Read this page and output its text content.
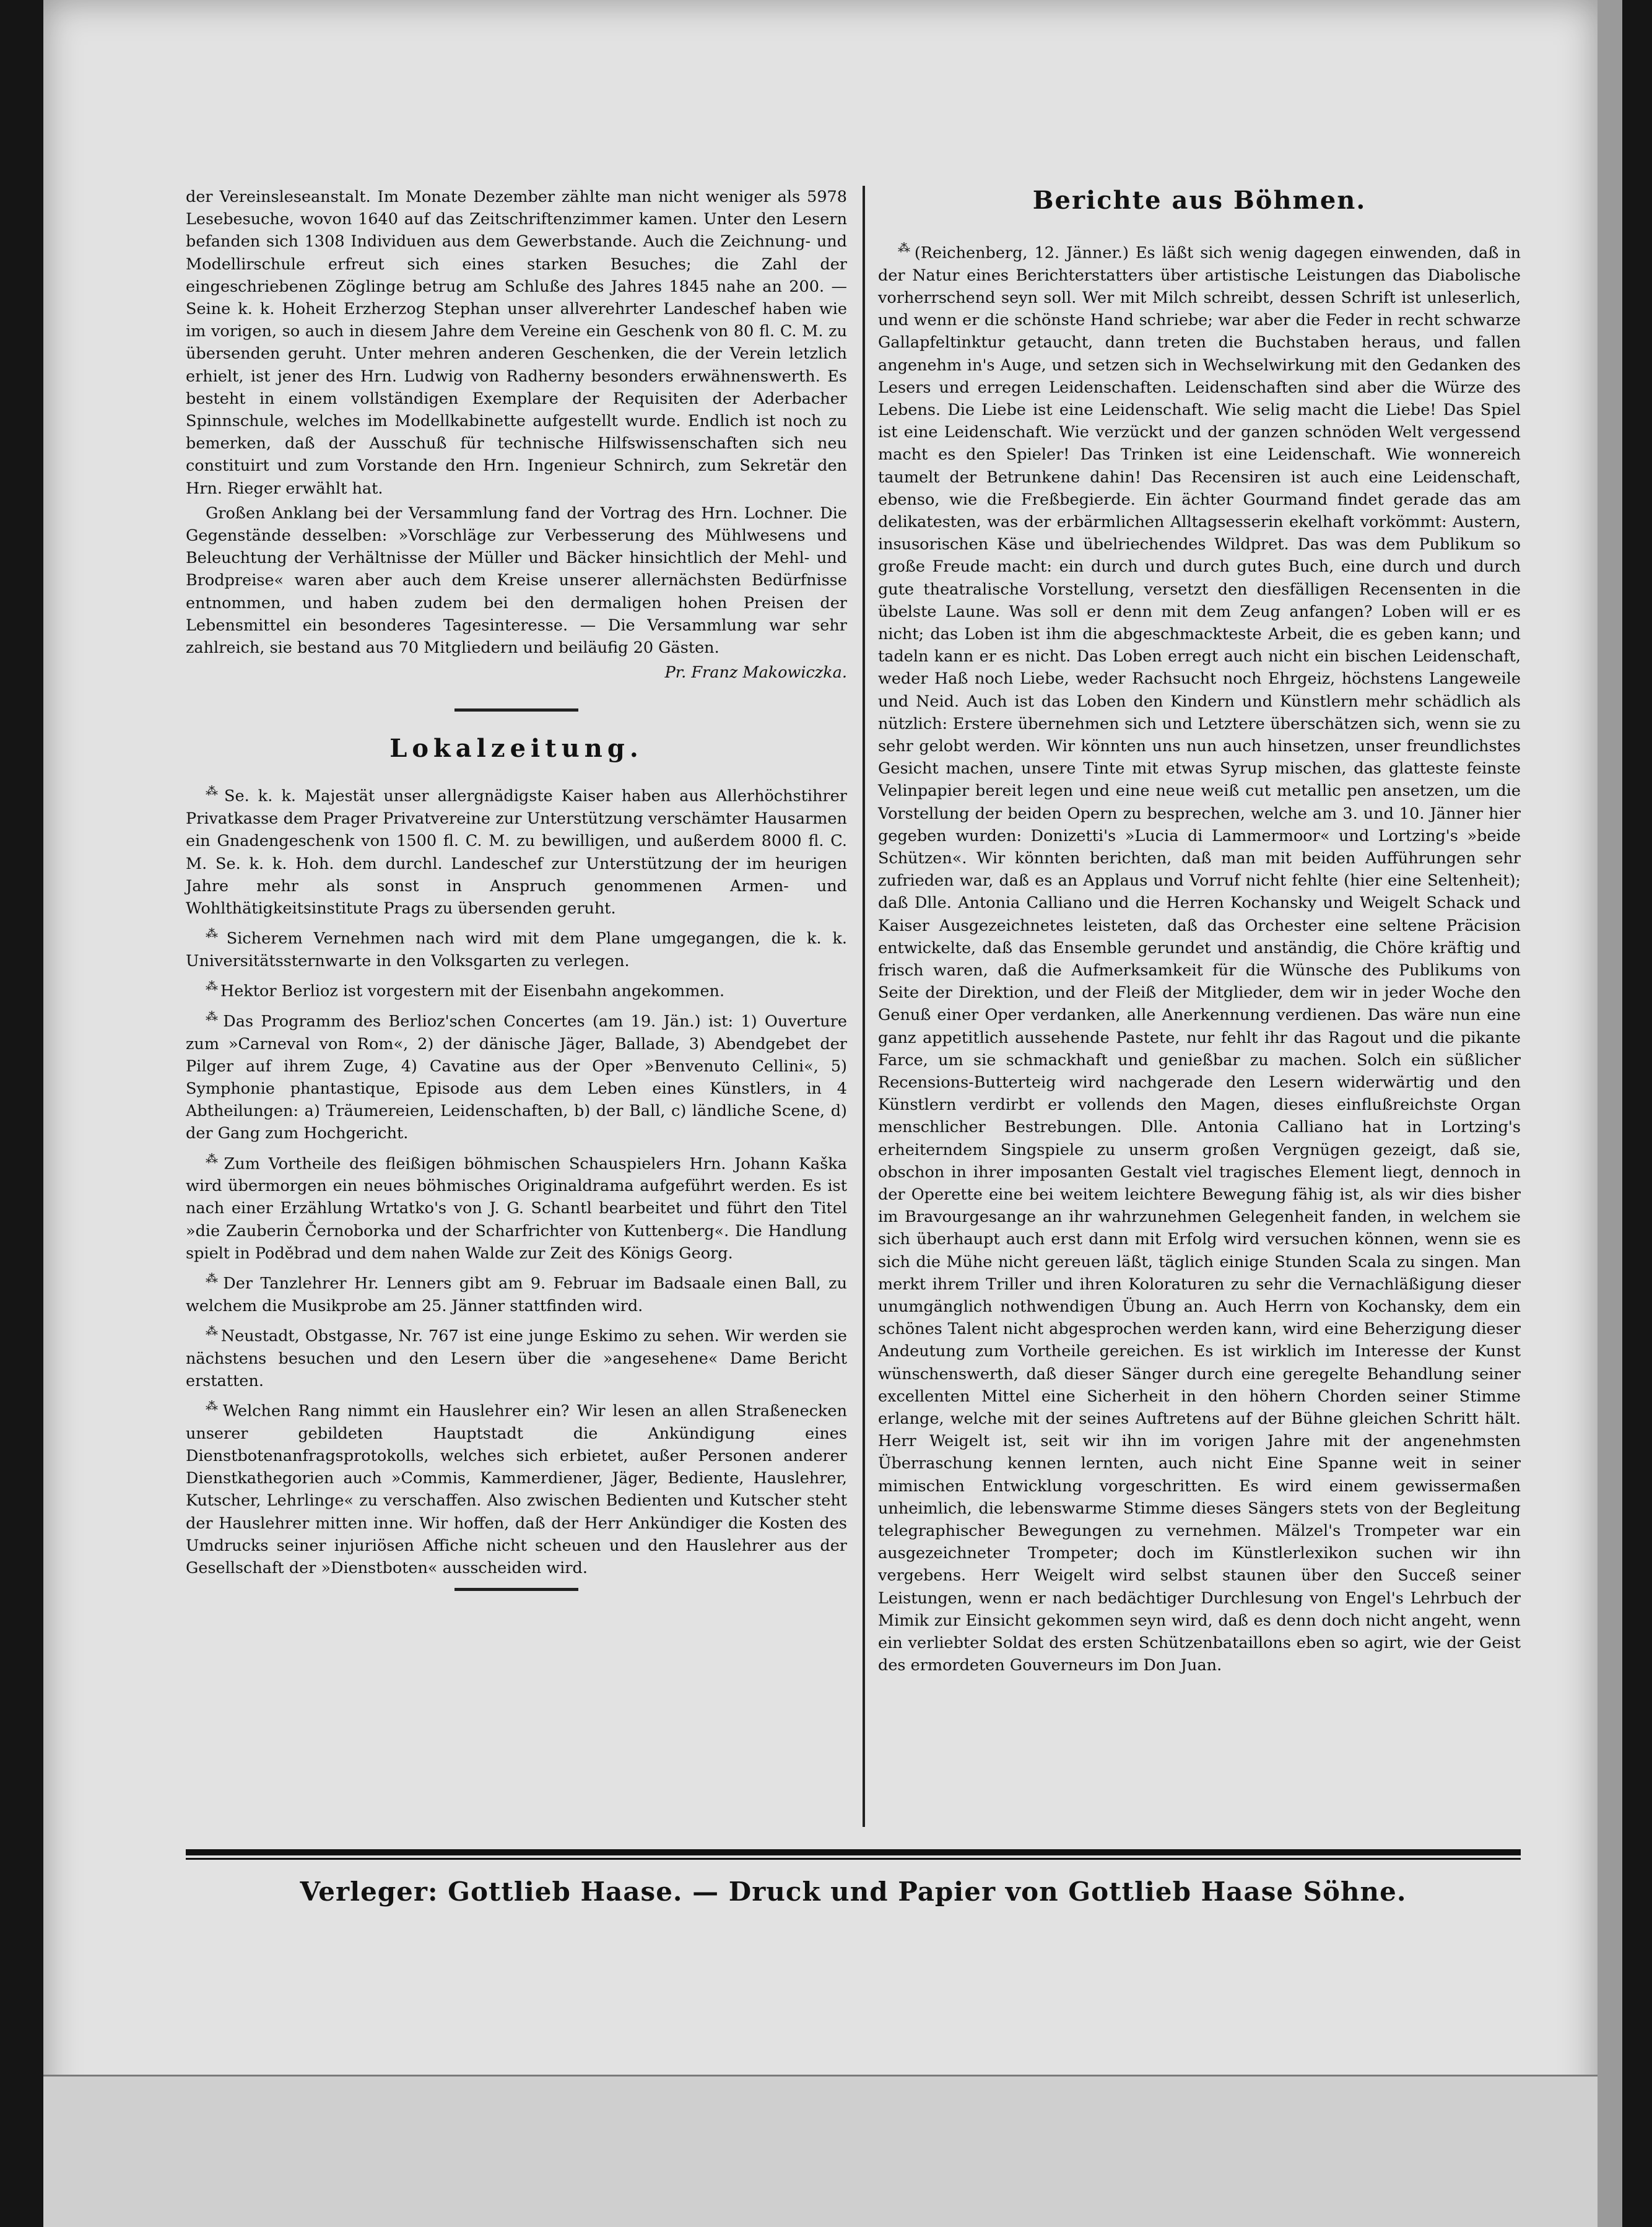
der Vereinsleseanstalt. Im Monate Dezember zählte man nicht weniger als 5978 Lesebesuche, wovon 1640 auf das Zeitschriftenzimmer kamen. Unter den Lesern befanden sich 1308 Individuen aus dem Gewerbstande. Auch die Zeichnung- und Modellirschule erfreut sich eines starken Besuches; die Zahl der eingeschriebenen Zöglinge betrug am Schluße des Jahres 1845 nahe an 200. — Seine k. k. Hoheit Erzherzog Stephan unser allverehrter Landeschef haben wie im vorigen, so auch in diesem Jahre dem Vereine ein Geschenk von 80 fl. C. M. zu übersenden geruht. Unter mehren anderen Geschenken, die der Verein letzlich erhielt, ist jener des Hrn. Ludwig von Radherny besonders erwähnenswerth. Es besteht in einem vollständigen Exemplare der Requisiten der Aderbacher Spinnschule, welches im Modellkabinette aufgestellt wurde. Endlich ist noch zu bemerken, daß der Ausschuß für technische Hilfswissenschaften sich neu constituirt und zum Vorstande den Hrn. Ingenieur Schnirch, zum Sekretär den Hrn. Rieger erwählt hat.

Großen Anklang bei der Versammlung fand der Vortrag des Hrn. Lochner. Die Gegenstände desselben: »Vorschläge zur Verbesserung des Mühlwesens und Beleuchtung der Verhältnisse der Müller und Bäcker hinsichtlich der Mehl- und Brodpreise« waren aber auch dem Kreise unserer allernächsten Bedürfnisse entnommen, und haben zudem bei den dermaligen hohen Preisen der Lebensmittel ein besonderes Tagesinteresse. — Die Versammlung war sehr zahlreich, sie bestand aus 70 Mitgliedern und beiläufig 20 Gästen.

Pr. Franz Makowiczka.
Lokalzeitung.

⁂ Se. k. k. Majestät unser allergnädigste Kaiser haben aus Allerhöchstihrer Privatkasse dem Prager Privatvereine zur Unterstützung verschämter Hausarmen ein Gnadengeschenk von 1500 fl. C. M. zu bewilligen, und außerdem 8000 fl. C. M. Se. k. k. Hoh. dem durchl. Landeschef zur Unterstützung der im heurigen Jahre mehr als sonst in Anspruch genommenen Armen- und Wohlthätigkeitsinstitute Prags zu übersenden geruht.

⁂ Sicherem Vernehmen nach wird mit dem Plane umgegangen, die k. k. Universitätssternwarte in den Volksgarten zu verlegen.

⁂ Hektor Berlioz ist vorgestern mit der Eisenbahn angekommen.

⁂ Das Programm des Berlioz'schen Concertes (am 19. Jän.) ist: 1) Ouverture zum »Carneval von Rom«, 2) der dänische Jäger, Ballade, 3) Abendgebet der Pilger auf ihrem Zuge, 4) Cavatine aus der Oper »Benvenuto Cellini«, 5) Symphonie phantastique, Episode aus dem Leben eines Künstlers, in 4 Abtheilungen: a) Träumereien, Leidenschaften, b) der Ball, c) ländliche Scene, d) der Gang zum Hochgericht.

⁂ Zum Vortheile des fleißigen böhmischen Schauspielers Hrn. Johann Kaška wird übermorgen ein neues böhmisches Originaldrama aufgeführt werden. Es ist nach einer Erzählung Wrtatko's von J. G. Schantl bearbeitet und führt den Titel »die Zauberin Černoborka und der Scharfrichter von Kuttenberg«. Die Handlung spielt in Poděbrad und dem nahen Walde zur Zeit des Königs Georg.

⁂ Der Tanzlehrer Hr. Lenners gibt am 9. Februar im Badsaale einen Ball, zu welchem die Musikprobe am 25. Jänner stattfinden wird.

⁂ Neustadt, Obstgasse, Nr. 767 ist eine junge Eskimo zu sehen. Wir werden sie nächstens besuchen und den Lesern über die »angesehene« Dame Bericht erstatten.

⁂ Welchen Rang nimmt ein Hauslehrer ein? Wir lesen an allen Straßenecken unserer gebildeten Hauptstadt die Ankündigung eines Dienstbotenanfragsprotokolls, welches sich erbietet, außer Personen anderer Dienstkathegorien auch »Commis, Kammerdiener, Jäger, Bediente, Hauslehrer, Kutscher, Lehrlinge« zu verschaffen. Also zwischen Bedienten und Kutscher steht der Hauslehrer mitten inne. Wir hoffen, daß der Herr Ankündiger die Kosten des Umdrucks seiner injuriösen Affiche nicht scheuen und den Hauslehrer aus der Gesellschaft der »Dienstboten« ausscheiden wird.

Berichte aus Böhmen.

⁂ (Reichenberg, 12. Jänner.) Es läßt sich wenig dagegen einwenden, daß in der Natur eines Berichterstatters über artistische Leistungen das Diabolische vorherrschend seyn soll. Wer mit Milch schreibt, dessen Schrift ist unleserlich, und wenn er die schönste Hand schriebe; war aber die Feder in recht schwarze Gallapfeltinktur getaucht, dann treten die Buchstaben heraus, und fallen angenehm in's Auge, und setzen sich in Wechselwirkung mit den Gedanken des Lesers und erregen Leidenschaften. Leidenschaften sind aber die Würze des Lebens. Die Liebe ist eine Leidenschaft. Wie selig macht die Liebe! Das Spiel ist eine Leidenschaft. Wie verzückt und der ganzen schnöden Welt vergessend macht es den Spieler! Das Trinken ist eine Leidenschaft. Wie wonnereich taumelt der Betrunkene dahin! Das Recensiren ist auch eine Leidenschaft, ebenso, wie die Freßbegierde. Ein ächter Gourmand findet gerade das am delikatesten, was der erbärmlichen Alltagsesserin ekelhaft vorkömmt: Austern, insusorischen Käse und übelriechendes Wildpret. Das was dem Publikum so große Freude macht: ein durch und durch gutes Buch, eine durch und durch gute theatralische Vorstellung, versetzt den diesfälligen Recensenten in die übelste Laune. Was soll er denn mit dem Zeug anfangen? Loben will er es nicht; das Loben ist ihm die abgeschmackteste Arbeit, die es geben kann; und tadeln kann er es nicht. Das Loben erregt auch nicht ein bischen Leidenschaft, weder Haß noch Liebe, weder Rachsucht noch Ehrgeiz, höchstens Langeweile und Neid. Auch ist das Loben den Kindern und Künstlern mehr schädlich als nützlich: Erstere übernehmen sich und Letztere überschätzen sich, wenn sie zu sehr gelobt werden. Wir könnten uns nun auch hinsetzen, unser freundlichstes Gesicht machen, unsere Tinte mit etwas Syrup mischen, das glatteste feinste Velinpapier bereit legen und eine neue weiß cut metallic pen ansetzen, um die Vorstellung der beiden Opern zu besprechen, welche am 3. und 10. Jänner hier gegeben wurden: Donizetti's »Lucia di Lammermoor« und Lortzing's »beide Schützen«. Wir könnten berichten, daß man mit beiden Aufführungen sehr zufrieden war, daß es an Applaus und Vorruf nicht fehlte (hier eine Seltenheit); daß Dlle. Antonia Calliano und die Herren Kochansky und Weigelt Schack und Kaiser Ausgezeichnetes leisteten, daß das Orchester eine seltene Präcision entwickelte, daß das Ensemble gerundet und anständig, die Chöre kräftig und frisch waren, daß die Aufmerksamkeit für die Wünsche des Publikums von Seite der Direktion, und der Fleiß der Mitglieder, dem wir in jeder Woche den Genuß einer Oper verdanken, alle Anerkennung verdienen. Das wäre nun eine ganz appetitlich aussehende Pastete, nur fehlt ihr das Ragout und die pikante Farce, um sie schmackhaft und genießbar zu machen. Solch ein süßlicher Recensions-Butterteig wird nachgerade den Lesern widerwärtig und den Künstlern verdirbt er vollends den Magen, dieses einflußreichste Organ menschlicher Bestrebungen. Dlle. Antonia Calliano hat in Lortzing's erheiterndem Singspiele zu unserm großen Vergnügen gezeigt, daß sie, obschon in ihrer imposanten Gestalt viel tragisches Element liegt, dennoch in der Operette eine bei weitem leichtere Bewegung fähig ist, als wir dies bisher im Bravourgesange an ihr wahrzunehmen Gelegenheit fanden, in welchem sie sich überhaupt auch erst dann mit Erfolg wird versuchen können, wenn sie es sich die Mühe nicht gereuen läßt, täglich einige Stunden Scala zu singen. Man merkt ihrem Triller und ihren Koloraturen zu sehr die Vernachläßigung dieser unumgänglich nothwendigen Übung an. Auch Herrn von Kochansky, dem ein schönes Talent nicht abgesprochen werden kann, wird eine Beherzigung dieser Andeutung zum Vortheile gereichen. Es ist wirklich im Interesse der Kunst wünschenswerth, daß dieser Sänger durch eine geregelte Behandlung seiner excellenten Mittel eine Sicherheit in den höhern Chorden seiner Stimme erlange, welche mit der seines Auftretens auf der Bühne gleichen Schritt hält. Herr Weigelt ist, seit wir ihn im vorigen Jahre mit der angenehmsten Überraschung kennen lernten, auch nicht Eine Spanne weit in seiner mimischen Entwicklung vorgeschritten. Es wird einem gewissermaßen unheimlich, die lebenswarme Stimme dieses Sängers stets von der Begleitung telegraphischer Bewegungen zu vernehmen. Mälzel's Trompeter war ein ausgezeichneter Trompeter; doch im Künstlerlexikon suchen wir ihn vergebens. Herr Weigelt wird selbst staunen über den Succeß seiner Leistungen, wenn er nach bedächtiger Durchlesung von Engel's Lehrbuch der Mimik zur Einsicht gekommen seyn wird, daß es denn doch nicht angeht, wenn ein verliebter Soldat des ersten Schützenbataillons eben so agirt, wie der Geist des ermordeten Gouverneurs im Don Juan.

Verleger: Gottlieb Haase. — Druck und Papier von Gottlieb Haase Söhne.
